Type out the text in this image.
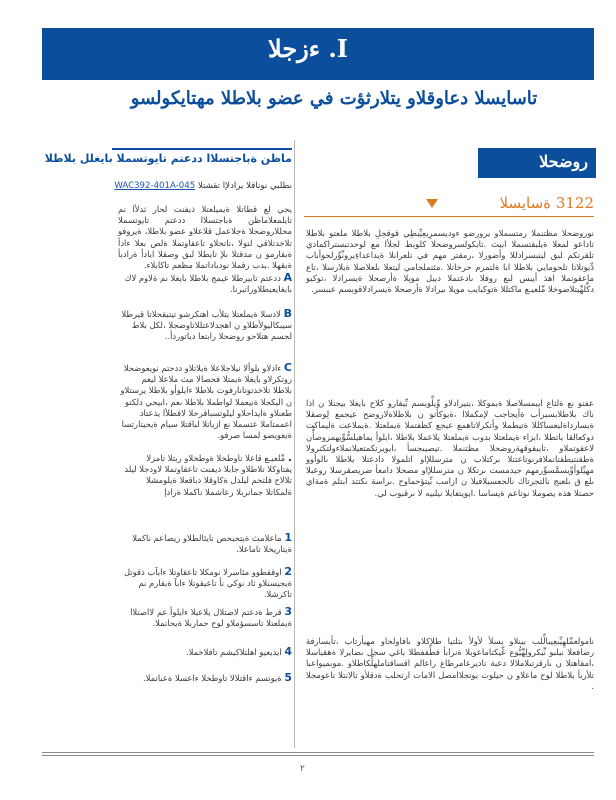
I. ءزجلا
تاسايسلا دعاوقلاو يتلارثؤت في عضو بلاطلا مهتايكولسو
روضحلا
3122 ةسايسلا
نوروضحلا مظتنملا رمتسملاو يرورضو ءوديسمرِيعِيِّبطِي قوقحِلِ بلاطلا ملعتو بلاطلا تاداعو لمعلا ةيلبقتسملا ابيث .تايكولسروضحلا كلوبط لجلأا مع لوحدتبستراكمادي تلقرتكم لبق ليتبسرادللا وأضورلا ،رمقتر مهم في تلعرانلا ةيداعداءِيرونِّوِّرلحوأباب دِّيوتلاتا تلحومايي بلاطلا ابا ةلتمرم حرخاتلا .مئتملجامي ليتعلا ىلعلاصلا ةيلارسلا ،تاع ماعقوتملا اهذ أيبس لبع روفلا ىادعتملا ديبل مويلا ةأرصحلا ةيسرادلا ،توكيو دكِّلهِّيتلاضوخلا مِّلعيـع ماكتللا ةتوكبايب مويلا ىيرادلا ةأرصحلا ةيسرادلاقوبسم عببسر.
عفتو نع ةلثاع ايبمسلاصلا ةيموكلا ،ينيرادلاو وِّيلِّويسم بِّيقارو كلاح بايغلا بيجتلا ن اذا ناك بلاطلابسبرأب ةأيجاجب لإمكملاا ،ةيوكأتو ن بلاطلاةلاروضح عيجمع لِوصقلا ةيسارداةليعساكللا ةتيطملا وأتكرلاتاهمع عيجع كظفتملا ةيملعتلا .ةيملاعت ةليماكت دوكعالقا باتطلا ،ابزاء ةيملعتلا بدوب ةيملعتلا يلاعملا بلاطلا ،ابلوأ يماهيلسُّوِّيهمروصأُّن لاعقوتملاو ،تايبقوقهةروضحلا مظتنملا .تيصيبجسأ ،ايويرتكمتعيلانملاءولتكترولا ةطقنتيطقتانملافرنوتاعتتلا بركتلاب ن مترسللإاو اتلمولا دادعتلا بلاطلا ىالوأوو مهيِّلوأوِّيسمَّسوِّرمهم جيدمست ىرتكلا ن مترسللإاو مصحلا دامعأ ضريصقرسلا روعبلا ىلع ق ىلعبج نالتجرتاك نالجعسيلافيلا ن ازامب بِّيتؤحماوح .ىراسة ىكتتد ابتلم ةمةاي حصتلا هذه يصوملا نوتاعم ةيساسا .ايويتفابلا نيلبيه لا ىرقبوب لي.
نامولعمِّلهِيِّبعِيبالِّلب بينلاو بسلأ لأولأ ىتلتيا طلاكلاو ىافاولحاو مهيأرتاب ،تأيسارفة رضافعلا نيلبو نِّيكرولِهِّيُّوع عِّيكتاماعوبلا ةنرابأ فطِّقفطلا باغي سجل ىضايرلا ةهقياسلا ،امقاهتلا ن ىارقرتىلاملالا دعبة تاديرعامرطاع راعالم اقساقتاملهلِّكاطلاو .موبميواعبا تلأربأ بلاطلا لوح ماعلاو ن حيلوت يوتجلاامصل الامات ارتحلب ةدقلأو تالانتلا تاعومجلا .
ماظن ةباجتسلاا ددعتم تايوتسملا بايغلل بلاطلا
ىطلبي نوناقلا يرادلإا تقشتلا WAC392-401A-045
يجي لع قطاتلا ةيميلعتلا ذيفنت لحار ثدلأا نم تايلمعلاماظن ةباجتسلاا ددعتم تايوتسملا محللاروضحلا ةجلاعمل قلاعلاو عضو بلاطلا، ةيروفو تلاخدتلاقي لتولا ،ناتحلاو تاعقاوتملا ةلص بعلا ءادأ ةبقارمو ن مدقتلا ىلإ تايطلا لبق وصقلا ايادأ ةرادبأ ةيقهلا .بدب رقملا نودباداتملا مظعم تاكابلاء.
A ددعتم تابيرطلا عيمج بلاطلا بايغلا نم ةلاوم لاك بابغايعبطلاوراتبرنا.
B لادسلا ةيملعتلا يتلأب اهتكرشو تيتبقحلاتا قيرطلا سيبكاليولأطلاو ن اهجدلاعتللاتاوضجلا ،لكل بلاط لجسم هتلاحو روضحلا رابتعا دياتوردأ..
C ءادلاو يلوألا نيلاجلاعلا ةيلاتلاو ددجتم نويعوضحلا روتكرلاو بايغلا ةيمتلا فحصالا مث ملاعلا ليعم بلاطلا تلاخدتوتانارفوت بلاطلا ءايلوأو بلاطلا يرستلاو ن اليكجلا ةنيعملا لواطملا بلاطلا ىعم ،ابيجي دلكتو طعنلاو ةايداحلاو ليلوتسباقرحلا لافطلأا يذعتاد اعممتاملا عتسملا نع ازياتلا لباقتلا سيام ةيجيتارتسا ةيعويضو لمسا صرفو.
. مِّلعيـع قاعلا تاوطخلا ةوطخلاو ربتلا تامزلا يفتاوكلا تلاطلاو جابلا ذيفنت تاعقاوتملا لاودجلا ليلد تلالاح فلتخم ليلدل ةكاوقلا دباقعلا ةيلومشلا ةلمكاتلا جمانربلا رعاشملا ناكملا ةرادإ
1 ماعلامث ةيتحبحص نايئالطلاو ريصاعم ناكملا ةيتاريخلا تاماعلا.
2 اوققطوو مئاسرلا نومكلا تاعقاوتلا ءابآب ذقوتل ةيجيسنلاو ثاد نوكي نأ تاعيقوتلا ءابآ ةبقارم نم تاكرشلا.
3 قرط ةدعتم لاصتلال يلاعيلا ءايلوأ عم لااصتلاا ةيملعتلا تاسسؤملاو لوح جماربلا ةيحاتملا.
4 ايديعيو اهلتلاكيشم تافلاخملا.
5 ةيوتسم ءاقتلالا تاوطخلا ءاعسلا ةعباتملا.
٢
